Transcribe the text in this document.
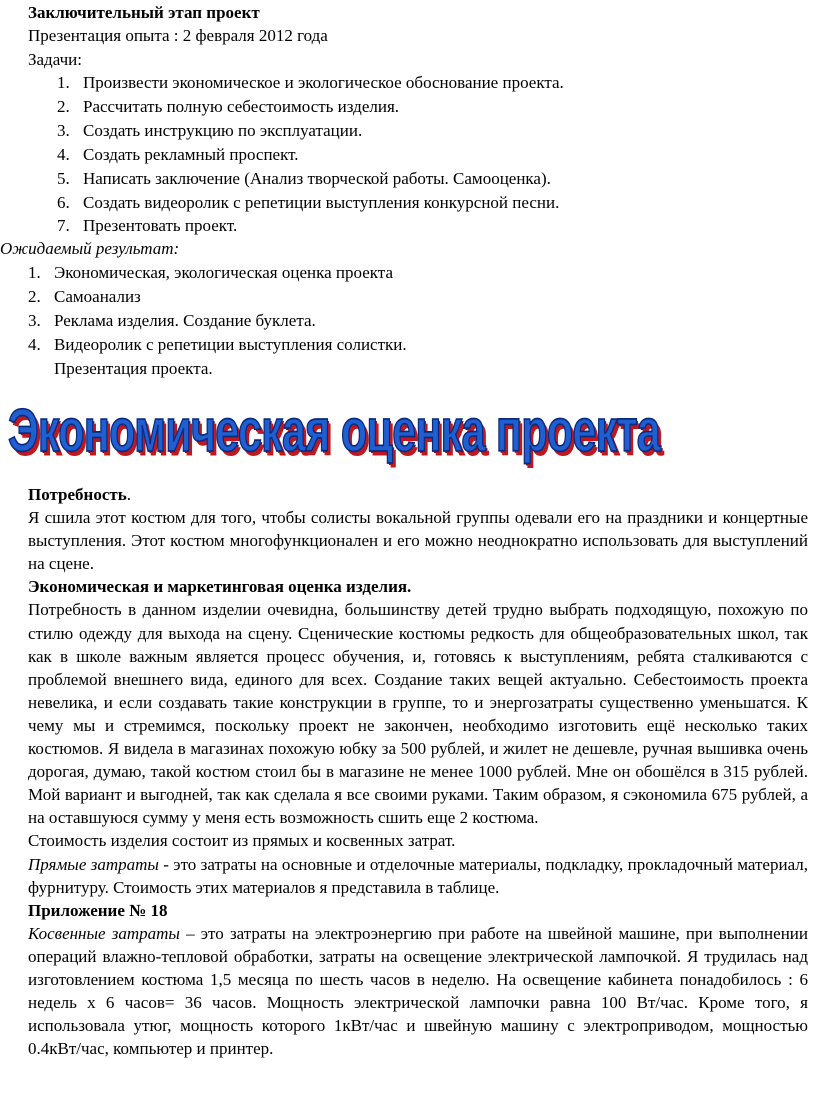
Заключительный этап проект
Презентация опыта : 2 февраля 2012 года
Задачи:
1. Произвести экономическое и экологическое обоснование проекта.
2. Рассчитать полную себестоимость изделия.
3. Создать инструкцию по эксплуатации.
4. Создать рекламный проспект.
5. Написать заключение (Анализ творческой работы. Самооценка).
6. Создать видеоролик с репетиции выступления конкурсной песни.
7. Презентовать проект.
Ожидаемый результат:
1. Экономическая, экологическая оценка проекта
2. Самоанализ
3. Реклама изделия. Создание буклета.
4. Видеоролик с репетиции выступления солистки.
Презентация проекта.
Экономическая оценка проекта
Потребность.
Я сшила этот костюм для того, чтобы солисты вокальной группы одевали его на праздники и концертные выступления. Этот костюм многофункционален и его можно неоднократно использовать для выступлений на сцене.
Экономическая и маркетинговая оценка изделия.
Потребность в данном изделии очевидна, большинству детей трудно выбрать подходящую, похожую по стилю одежду для выхода на сцену. Сценические костюмы редкость для общеобразовательных школ, так как в школе важным является процесс обучения, и, готовясь к выступлениям, ребята сталкиваются с проблемой внешнего вида, единого для всех. Создание таких вещей актуально. Себестоимость проекта невелика, и если создавать такие конструкции в группе, то и энергозатраты существенно уменьшатся. К чему мы и стремимся, поскольку проект не закончен, необходимо изготовить ещё несколько таких костюмов. Я видела в магазинах похожую юбку за 500 рублей, и жилет не дешевле, ручная вышивка очень дорогая, думаю, такой костюм стоил бы в магазине не менее 1000 рублей. Мне он обошёлся в 315 рублей. Мой вариант и выгодней, так как сделала я все своими руками. Таким образом, я сэкономила 675 рублей, а на оставшуюся сумму у меня есть возможность сшить еще 2 костюма.
Стоимость изделия состоит из прямых и косвенных затрат.
Прямые затраты - это затраты на основные и отделочные материалы, подкладку, прокладочный материал, фурнитуру. Стоимость этих материалов я представила в таблице.
Приложение № 18
Косвенные затраты – это затраты на электроэнергию при работе на швейной машине, при выполнении операций влажно-тепловой обработки, затраты на освещение электрической лампочкой. Я трудилась над изготовлением костюма 1,5 месяца по шесть часов в неделю. На освещение кабинета понадобилось : 6 недель х 6 часов= 36 часов. Мощность электрической лампочки равна 100 Вт/час. Кроме того, я использовала утюг, мощность которого 1кВт/час и швейную машину с электроприводом, мощностью 0.4кВт/час, компьютер и принтер.
